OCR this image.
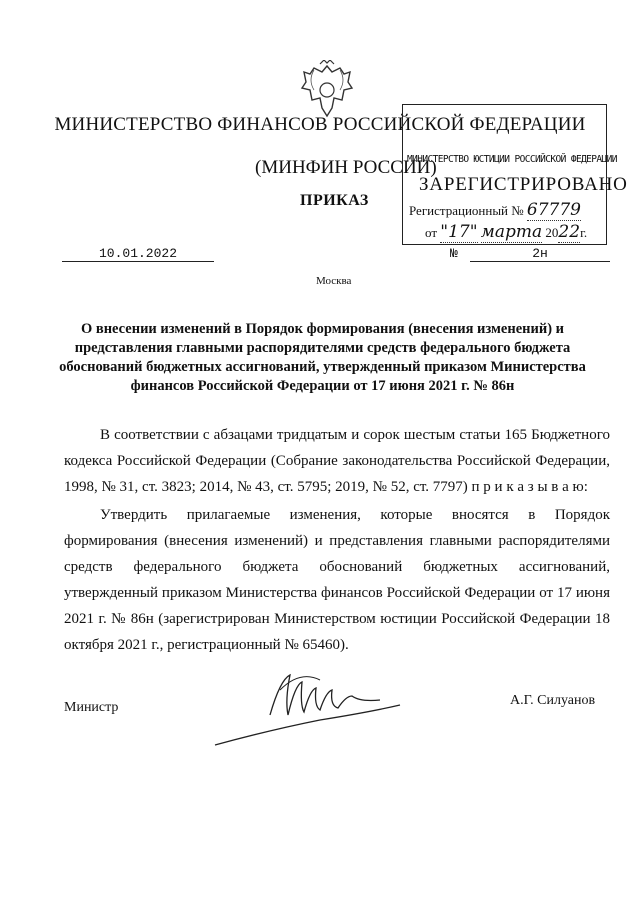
МИНИСТЕРСТВО ФИНАНСОВ РОССИЙСКОЙ ФЕДЕРАЦИИ
(МИНФИН РОССИИ)
ПРИКАЗ
МИНИСТЕРСТВО ЮСТИЦИИ РОССИЙСКОЙ ФЕДЕРАЦИИ
ЗАРЕГИСТРИРОВАНО
Регистрационный № 67779
от "17" марта 2022г.
10.01.2022	№	2н
Москва
О внесении изменений в Порядок формирования (внесения изменений) и представления главными распорядителями средств федерального бюджета обоснований бюджетных ассигнований, утвержденный приказом Министерства финансов Российской Федерации от 17 июня 2021 г. № 86н
В соответствии с абзацами тридцатым и сорок шестым статьи 165 Бюджетного кодекса Российской Федерации (Собрание законодательства Российской Федерации, 1998, № 31, ст. 3823; 2014, № 43, ст. 5795; 2019, № 52, ст. 7797) п р и к а з ы в а ю:
Утвердить прилагаемые изменения, которые вносятся в Порядок формирования (внесения изменений) и представления главными распорядителями средств федерального бюджета обоснований бюджетных ассигнований, утвержденный приказом Министерства финансов Российской Федерации от 17 июня 2021 г. № 86н (зарегистрирован Министерством юстиции Российской Федерации 18 октября 2021 г., регистрационный № 65460).
Министр	А.Г. Силуанов
